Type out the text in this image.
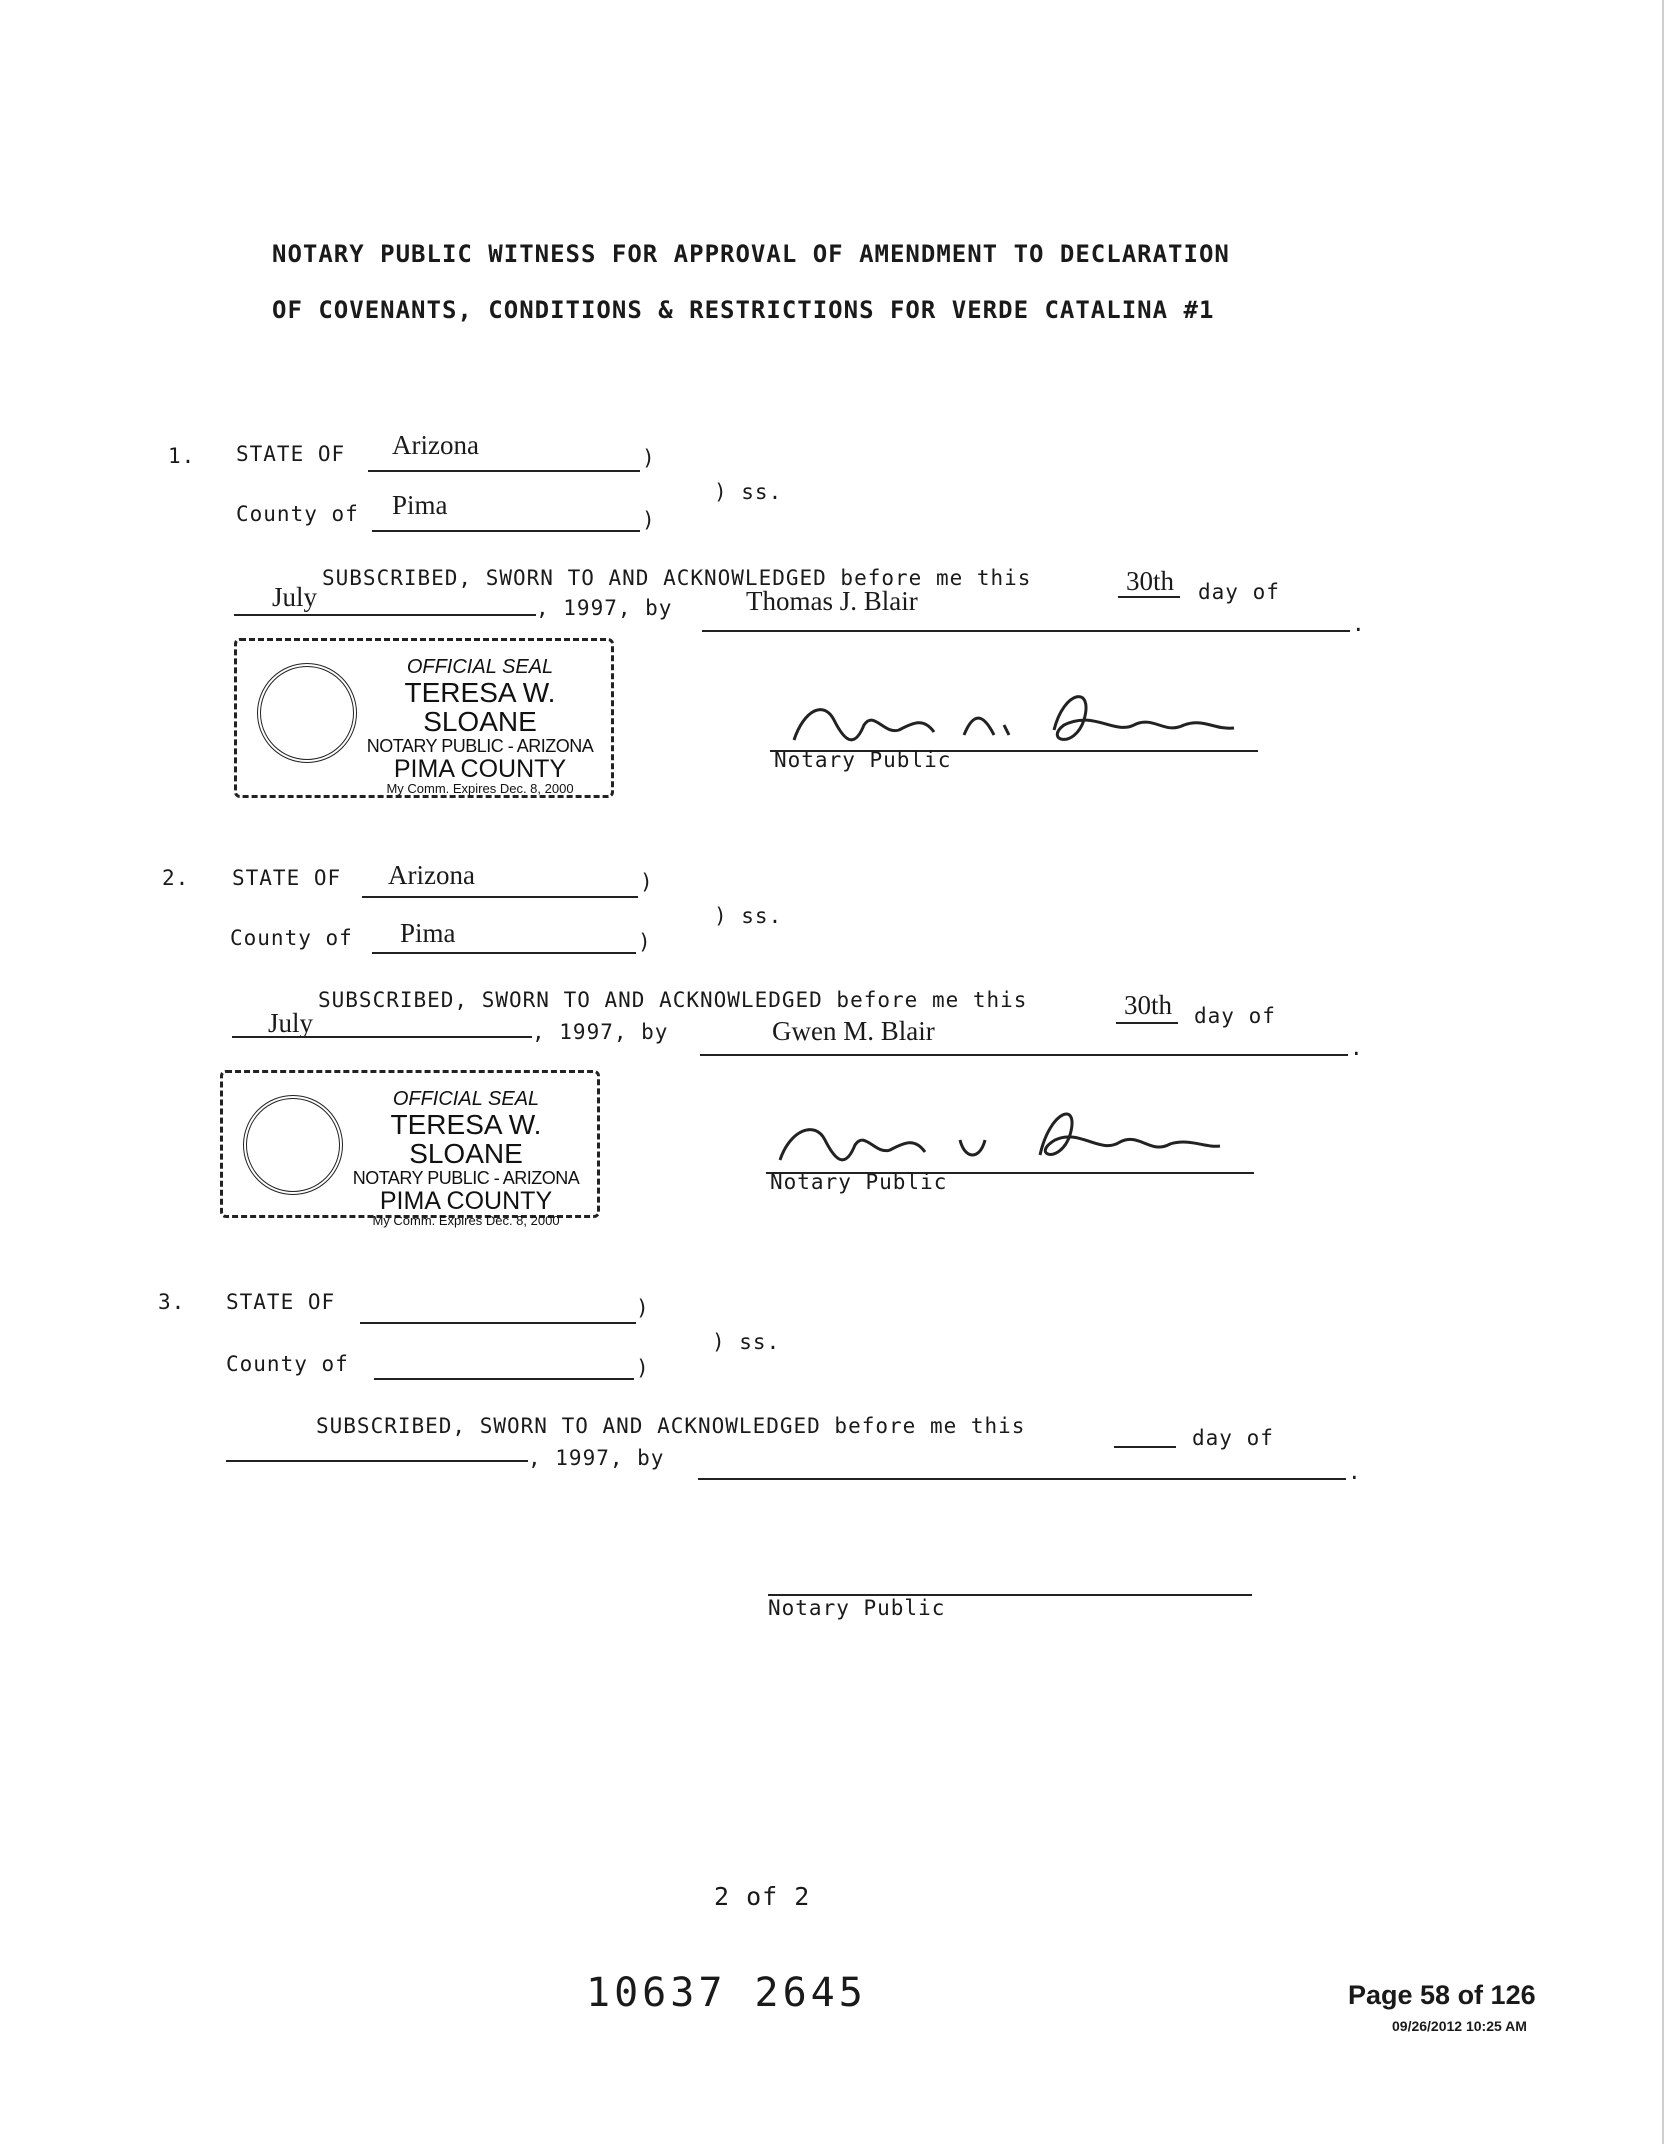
NOTARY PUBLIC WITNESS FOR APPROVAL OF AMENDMENT TO DECLARATION
OF COVENANTS, CONDITIONS & RESTRICTIONS FOR VERDE CATALINA #1
1. STATE OF Arizona	)
) ss.
County of Pima	)
SUBSCRIBED, SWORN TO AND ACKNOWLEDGED before me this	30th day of
July	, 1997, by	Thomas J. Blair
.
OFFICIAL SEAL
TERESA W. SLOANE
NOTARY PUBLIC - ARIZONA
PIMA COUNTY
My Comm. Expires Dec. 8, 2000
Notary Public
2. STATE OF Arizona	)
) ss.
County of Pima	)
SUBSCRIBED, SWORN TO AND ACKNOWLEDGED before me this	30th day of
July	, 1997, by	Gwen M. Blair
.
OFFICIAL SEAL
TERESA W. SLOANE
NOTARY PUBLIC - ARIZONA
PIMA COUNTY
My Comm. Expires Dec. 8, 2000
Notary Public
3. STATE OF	)
) ss.
County of	)
SUBSCRIBED, SWORN TO AND ACKNOWLEDGED before me this	day of
, 1997, by
.
Notary Public
2 of 2
10637 2645	Page 58 of 126
09/26/2012 10:25 AM
